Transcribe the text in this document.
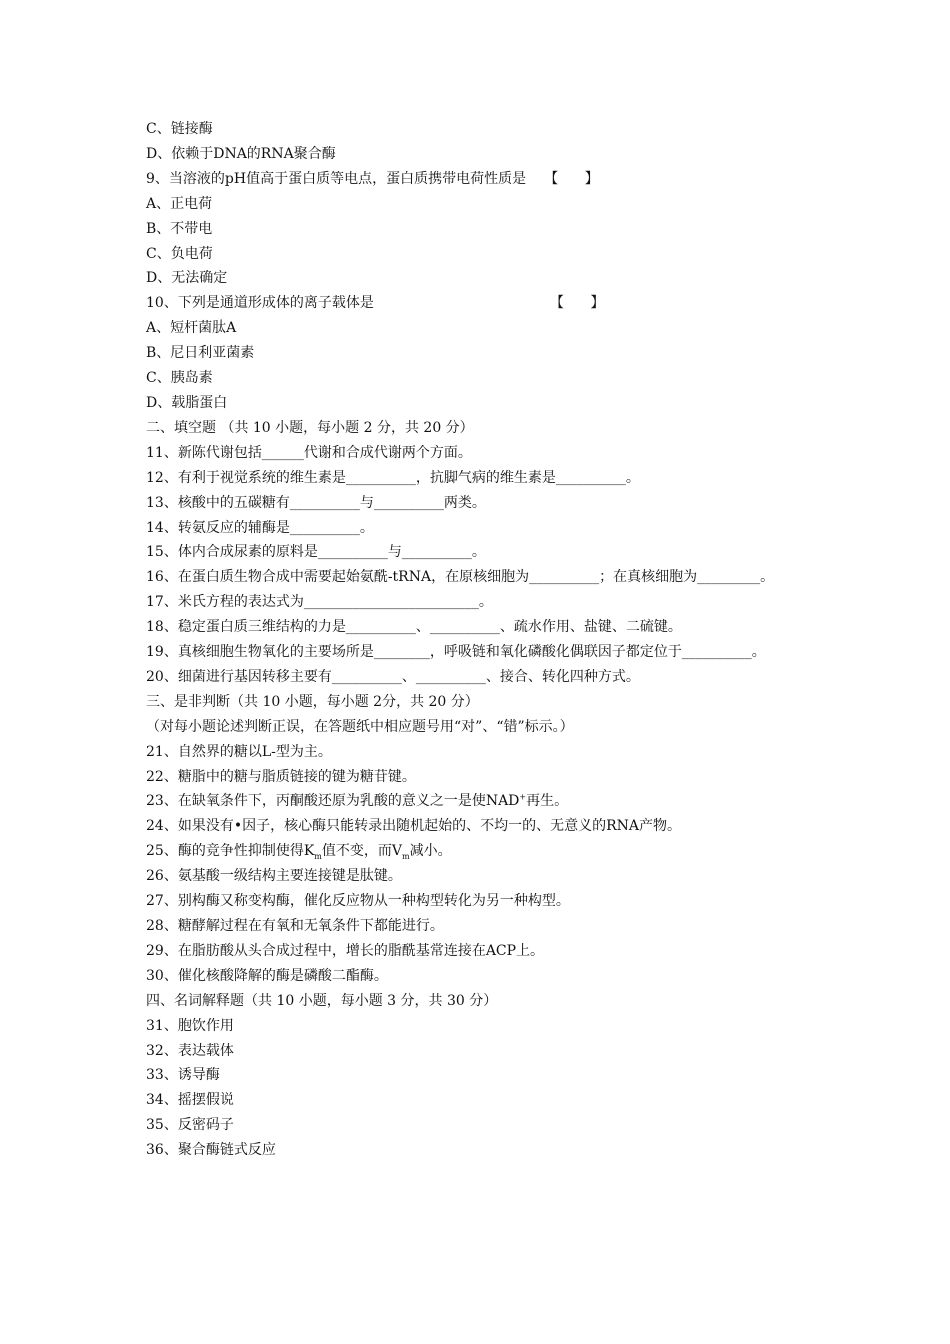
C、链接酶
D、依赖于DNA的RNA聚合酶
9、当溶液的pH值高于蛋白质等电点，蛋白质携带电荷性质是 【      】
A、正电荷
B、不带电
C、负电荷
D、无法确定
10、下列是通道形成体的离子载体是	【      】
A、短杆菌肽A
B、尼日利亚菌素
C、胰岛素
D、载脂蛋白
二、填空题 （共 10 小题，每小题 2 分，共 20 分）
11、新陈代谢包括______代谢和合成代谢两个方面。
12、有利于视觉系统的维生素是__________，抗脚气病的维生素是__________。
13、核酸中的五碳糖有__________与__________两类。
14、转氨反应的辅酶是__________。
15、体内合成尿素的原料是__________与__________。
16、在蛋白质生物合成中需要起始氨酰-tRNA，在原核细胞为__________；在真核细胞为_________。
17、米氏方程的表达式为_________________________。
18、稳定蛋白质三维结构的力是__________、__________、疏水作用、盐键、二硫键。
19、真核细胞生物氧化的主要场所是________，呼吸链和氧化磷酸化偶联因子都定位于__________。
20、细菌进行基因转移主要有__________、__________、接合、转化四种方式。
三、是非判断（共 10 小题，每小题 2分，共 20 分）
（对每小题论述判断正误，在答题纸中相应题号用“对”、“错”标示。）
21、自然界的糖以L-型为主。
22、糖脂中的糖与脂质链接的键为糖苷键。
23、在缺氧条件下，丙酮酸还原为乳酸的意义之一是使NAD+再生。
24、如果没有•因子，核心酶只能转录出随机起始的、不均一的、无意义的RNA产物。
25、酶的竞争性抑制使得$K_m$值不变，而$V_m$减小。
26、氨基酸一级结构主要连接键是肽键。
27、别构酶又称变构酶，催化反应物从一种构型转化为另一种构型。
28、糖酵解过程在有氧和无氧条件下都能进行。
29、在脂肪酸从头合成过程中，增长的脂酰基常连接在ACP上。
30、催化核酸降解的酶是磷酸二酯酶。
四、名词解释题（共 10 小题，每小题 3 分，共 30 分）
31、胞饮作用
32、表达载体
33、诱导酶
34、摇摆假说
35、反密码子
36、聚合酶链式反应
